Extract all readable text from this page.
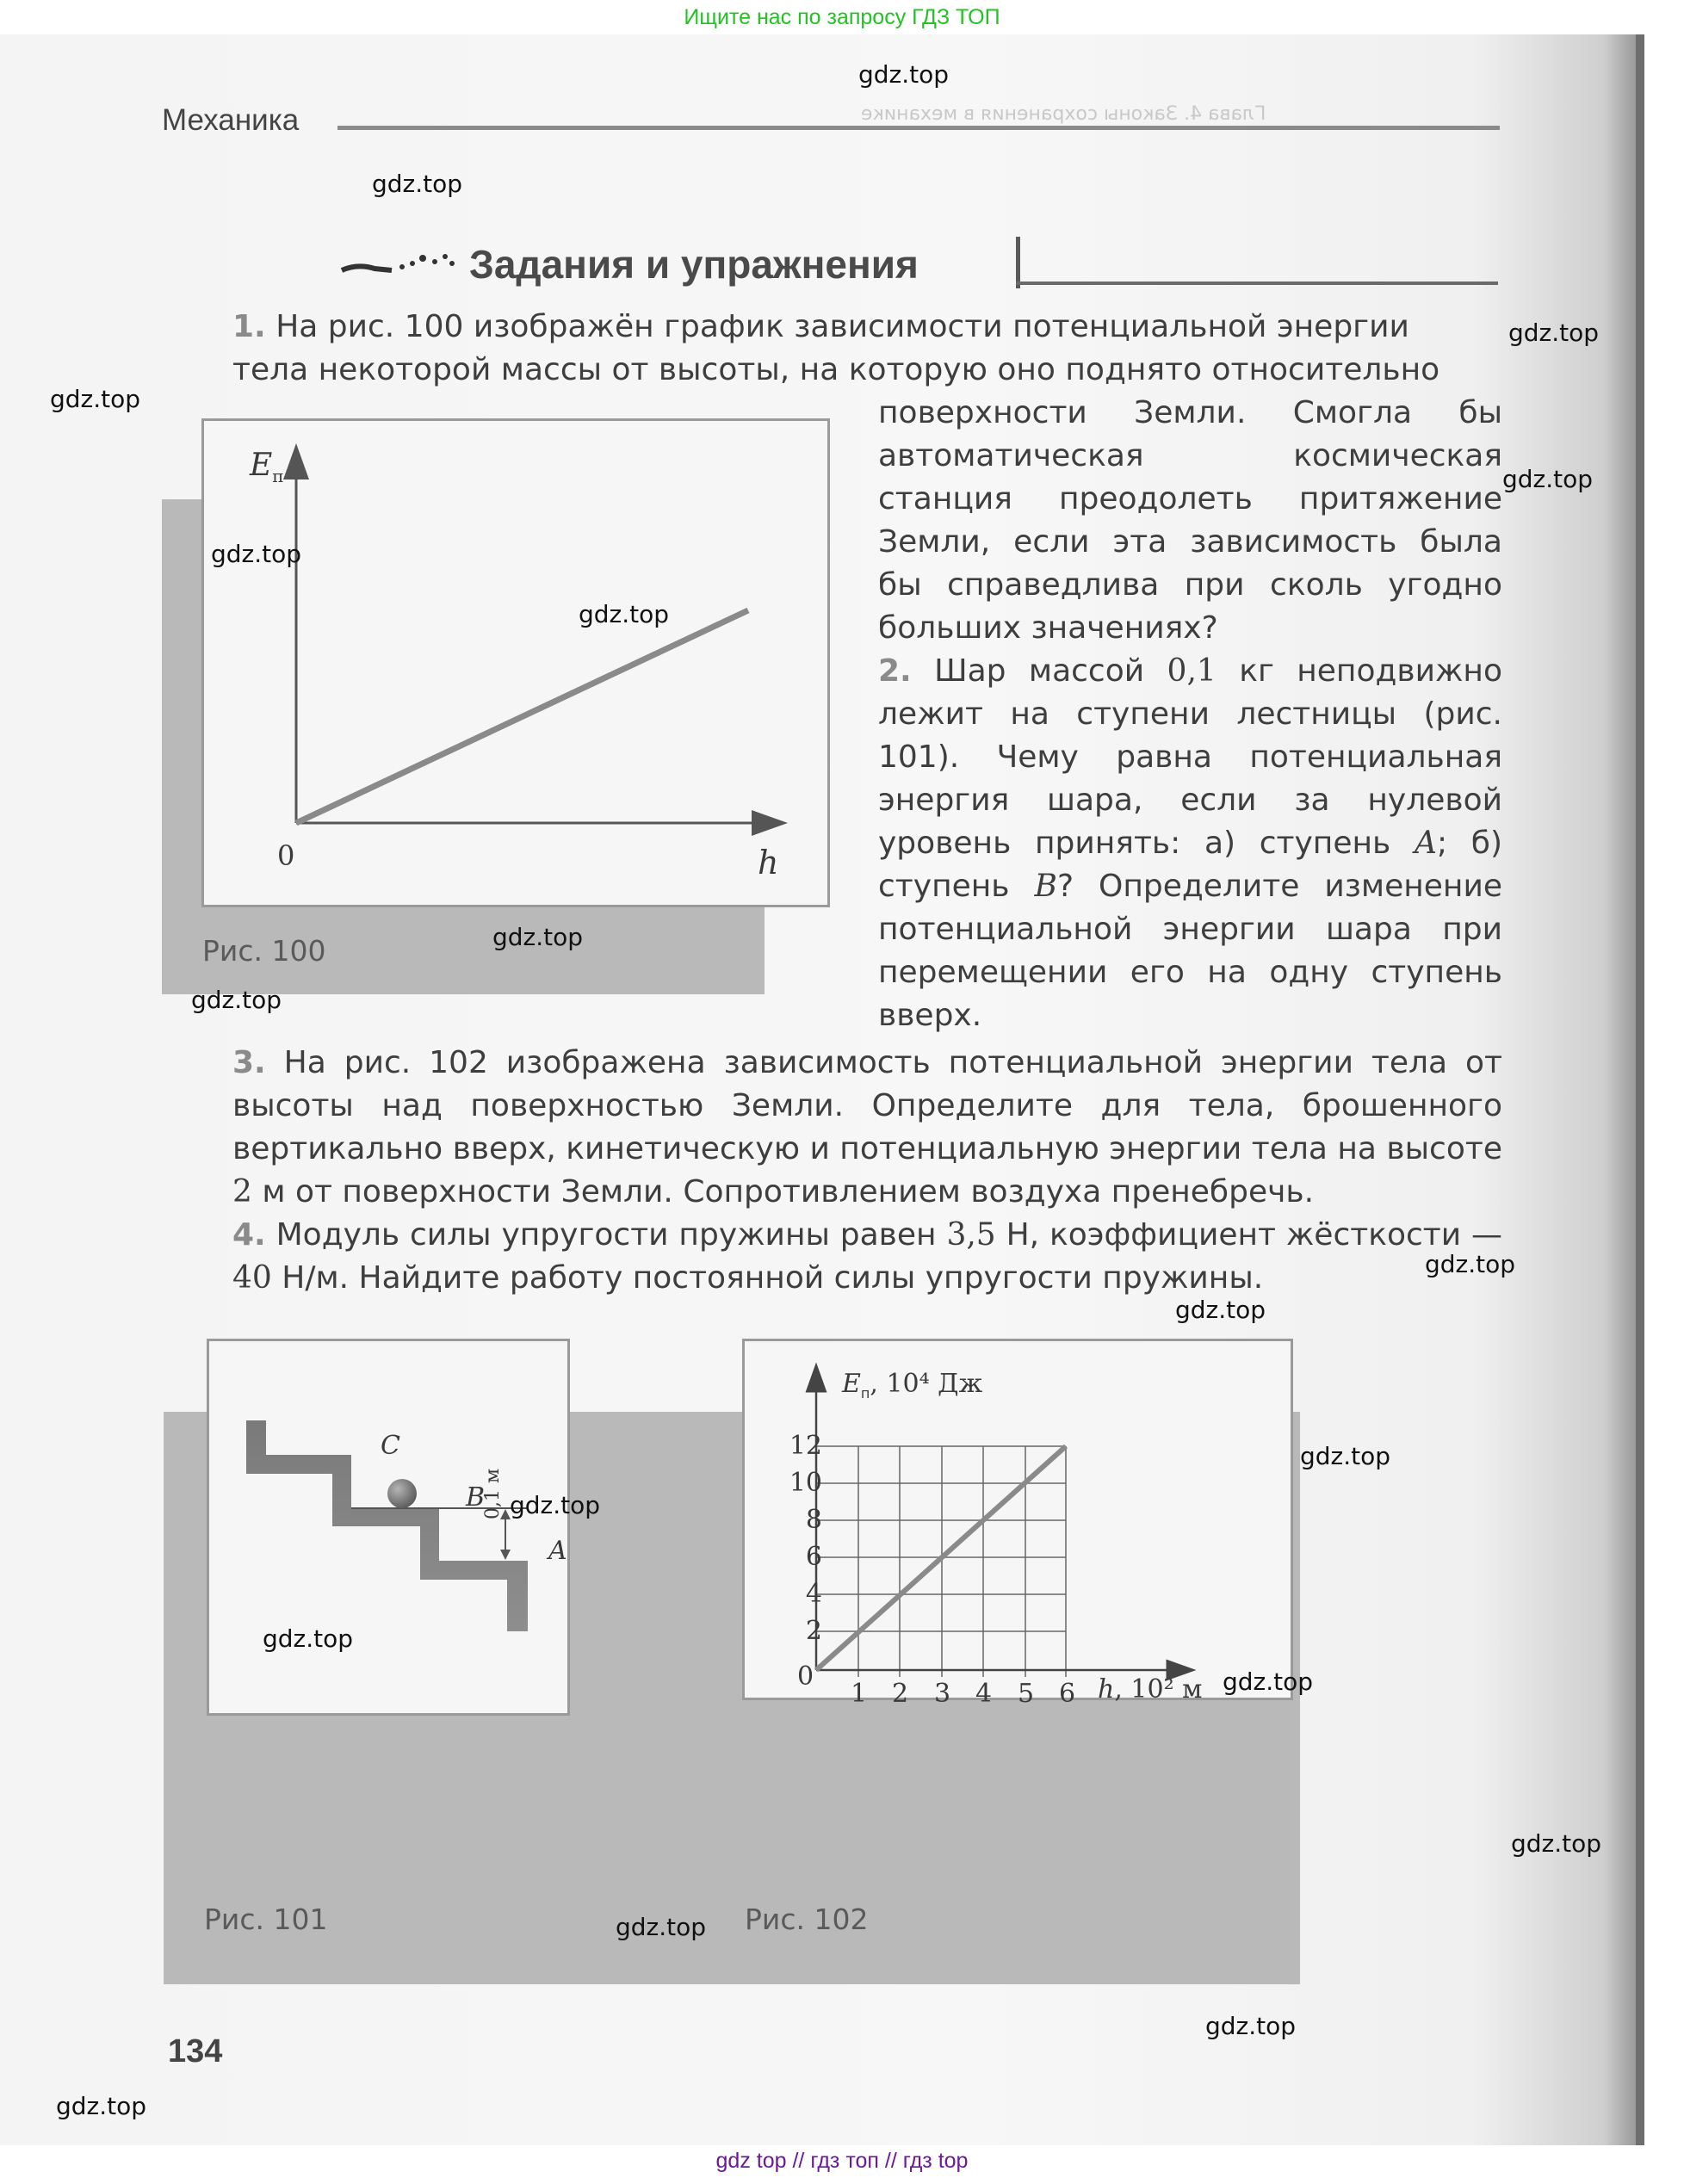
Ищите нас по запросу ГДЗ ТОП
Глава 4. Законы сохранения в механике
Механика
Задания и упражнения
1. На рис. 100 изображён график зависимости потенциальной энергии
тела некоторой массы от высоты, на которую оно поднято относительно
поверхности Земли. Смогла бы автоматическая космическая станция преодолеть притяжение Земли, если эта зависимость была бы справедлива при сколь угодно больших значениях?
2. Шар массой 0,1 кг неподвижно лежит на ступени лестницы (рис. 101). Чему равна потенциальная энергия шара, если за нулевой уровень принять: а) ступень A; б) ступень B? Определите изменение потенциальной энергии шара при перемещении его на одну ступень вверх.
$E_п$
0	h
Рис. 100
3. На рис. 102 изображена зависимость потенциальной энергии тела от высоты над поверхностью Земли. Определите для тела, брошенного вертикально вверх, кинетическую и потенциальную энергии тела на высоте 2 м от поверхности Земли. Сопротивлением воздуха пренебречь.
4. Модуль силы упругости пружины равен 3,5 Н, коэффициент жёсткости — 40 Н/м. Найдите работу постоянной силы упругости пружины.
C
B
A
0,1 м
Рис. 101
$E_п$, 10⁴ Дж
12
10
8
6
4
2
0
1 2 3 4 5 6 h, 10² м
Рис. 102
134
gdz.top
gdz.top
gdz.top
gdz.top
gdz.top
gdz.top
gdz.top
gdz.top
gdz.top
gdz.top
gdz.top
gdz.top
gdz.top
gdz.top
gdz.top
gdz.top
gdz.top
gdz.top
gdz.top
gdz top // гдз топ // гдз top
